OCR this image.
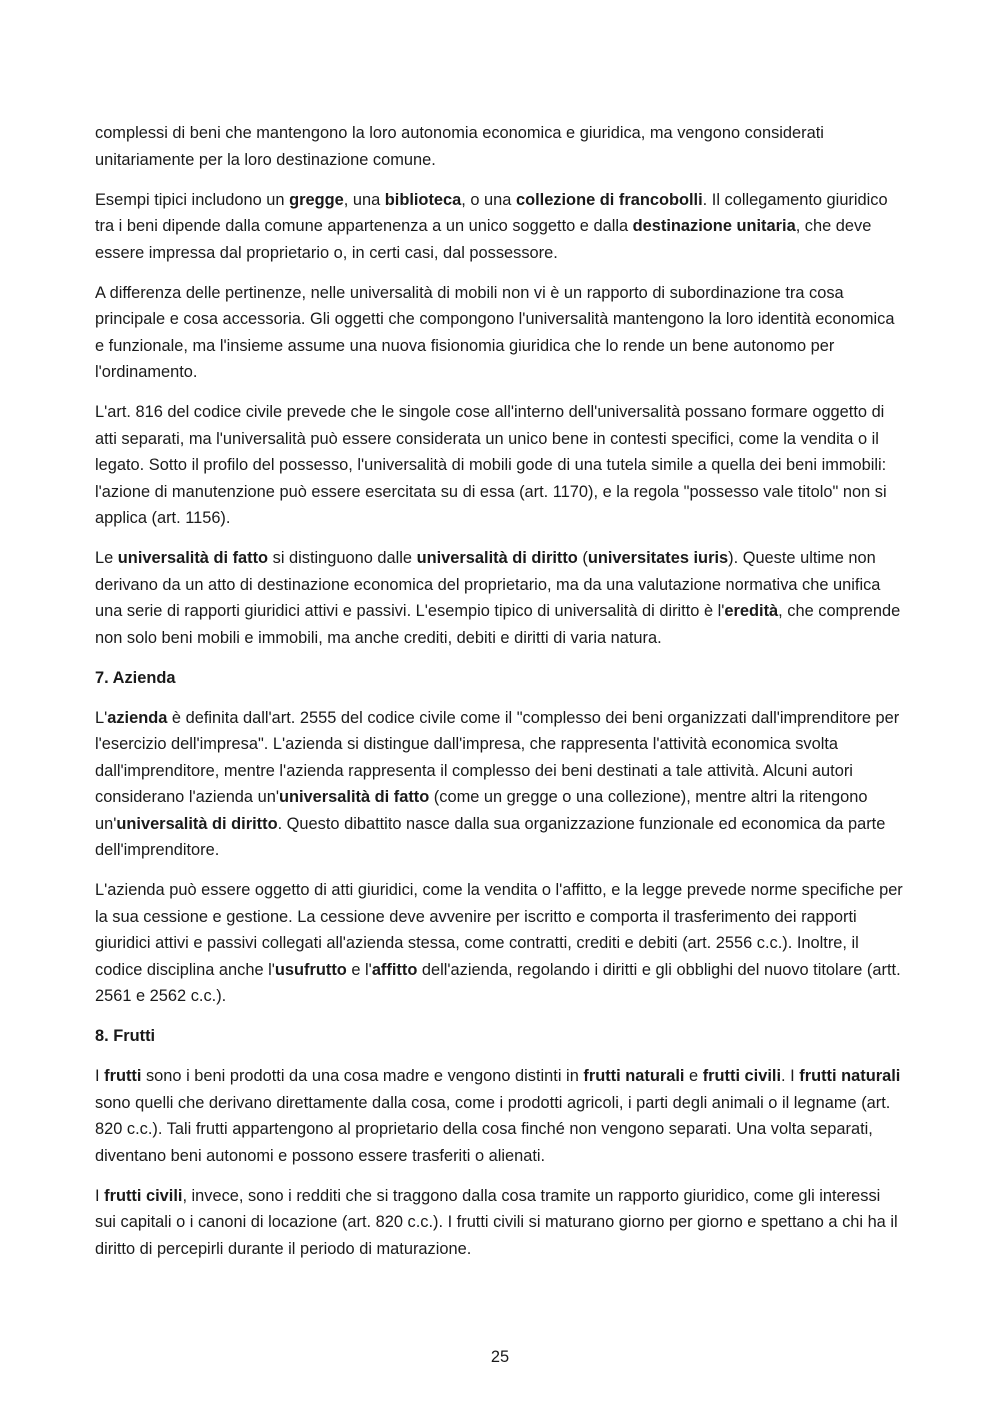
complessi di beni che mantengono la loro autonomia economica e giuridica, ma vengono considerati unitariamente per la loro destinazione comune.

Esempi tipici includono un gregge, una biblioteca, o una collezione di francobolli. Il collegamento giuridico tra i beni dipende dalla comune appartenenza a un unico soggetto e dalla destinazione unitaria, che deve essere impressa dal proprietario o, in certi casi, dal possessore.

A differenza delle pertinenze, nelle universalità di mobili non vi è un rapporto di subordinazione tra cosa principale e cosa accessoria. Gli oggetti che compongono l'universalità mantengono la loro identità economica e funzionale, ma l'insieme assume una nuova fisionomia giuridica che lo rende un bene autonomo per l'ordinamento.

L'art. 816 del codice civile prevede che le singole cose all'interno dell'universalità possano formare oggetto di atti separati, ma l'universalità può essere considerata un unico bene in contesti specifici, come la vendita o il legato. Sotto il profilo del possesso, l'universalità di mobili gode di una tutela simile a quella dei beni immobili: l'azione di manutenzione può essere esercitata su di essa (art. 1170), e la regola "possesso vale titolo" non si applica (art. 1156).

Le universalità di fatto si distinguono dalle universalità di diritto (universitates iuris). Queste ultime non derivano da un atto di destinazione economica del proprietario, ma da una valutazione normativa che unifica una serie di rapporti giuridici attivi e passivi. L'esempio tipico di universalità di diritto è l'eredità, che comprende non solo beni mobili e immobili, ma anche crediti, debiti e diritti di varia natura.

7. Azienda

L'azienda è definita dall'art. 2555 del codice civile come il "complesso dei beni organizzati dall'imprenditore per l'esercizio dell'impresa". L'azienda si distingue dall'impresa, che rappresenta l'attività economica svolta dall'imprenditore, mentre l'azienda rappresenta il complesso dei beni destinati a tale attività. Alcuni autori considerano l'azienda un'universalità di fatto (come un gregge o una collezione), mentre altri la ritengono un'universalità di diritto. Questo dibattito nasce dalla sua organizzazione funzionale ed economica da parte dell'imprenditore.

L'azienda può essere oggetto di atti giuridici, come la vendita o l'affitto, e la legge prevede norme specifiche per la sua cessione e gestione. La cessione deve avvenire per iscritto e comporta il trasferimento dei rapporti giuridici attivi e passivi collegati all'azienda stessa, come contratti, crediti e debiti (art. 2556 c.c.). Inoltre, il codice disciplina anche l'usufrutto e l'affitto dell'azienda, regolando i diritti e gli obblighi del nuovo titolare (artt. 2561 e 2562 c.c.).

8. Frutti

I frutti sono i beni prodotti da una cosa madre e vengono distinti in frutti naturali e frutti civili. I frutti naturali sono quelli che derivano direttamente dalla cosa, come i prodotti agricoli, i parti degli animali o il legname (art. 820 c.c.). Tali frutti appartengono al proprietario della cosa finché non vengono separati. Una volta separati, diventano beni autonomi e possono essere trasferiti o alienati.

I frutti civili, invece, sono i redditi che si traggono dalla cosa tramite un rapporto giuridico, come gli interessi sui capitali o i canoni di locazione (art. 820 c.c.). I frutti civili si maturano giorno per giorno e spettano a chi ha il diritto di percepirli durante il periodo di maturazione.

25
